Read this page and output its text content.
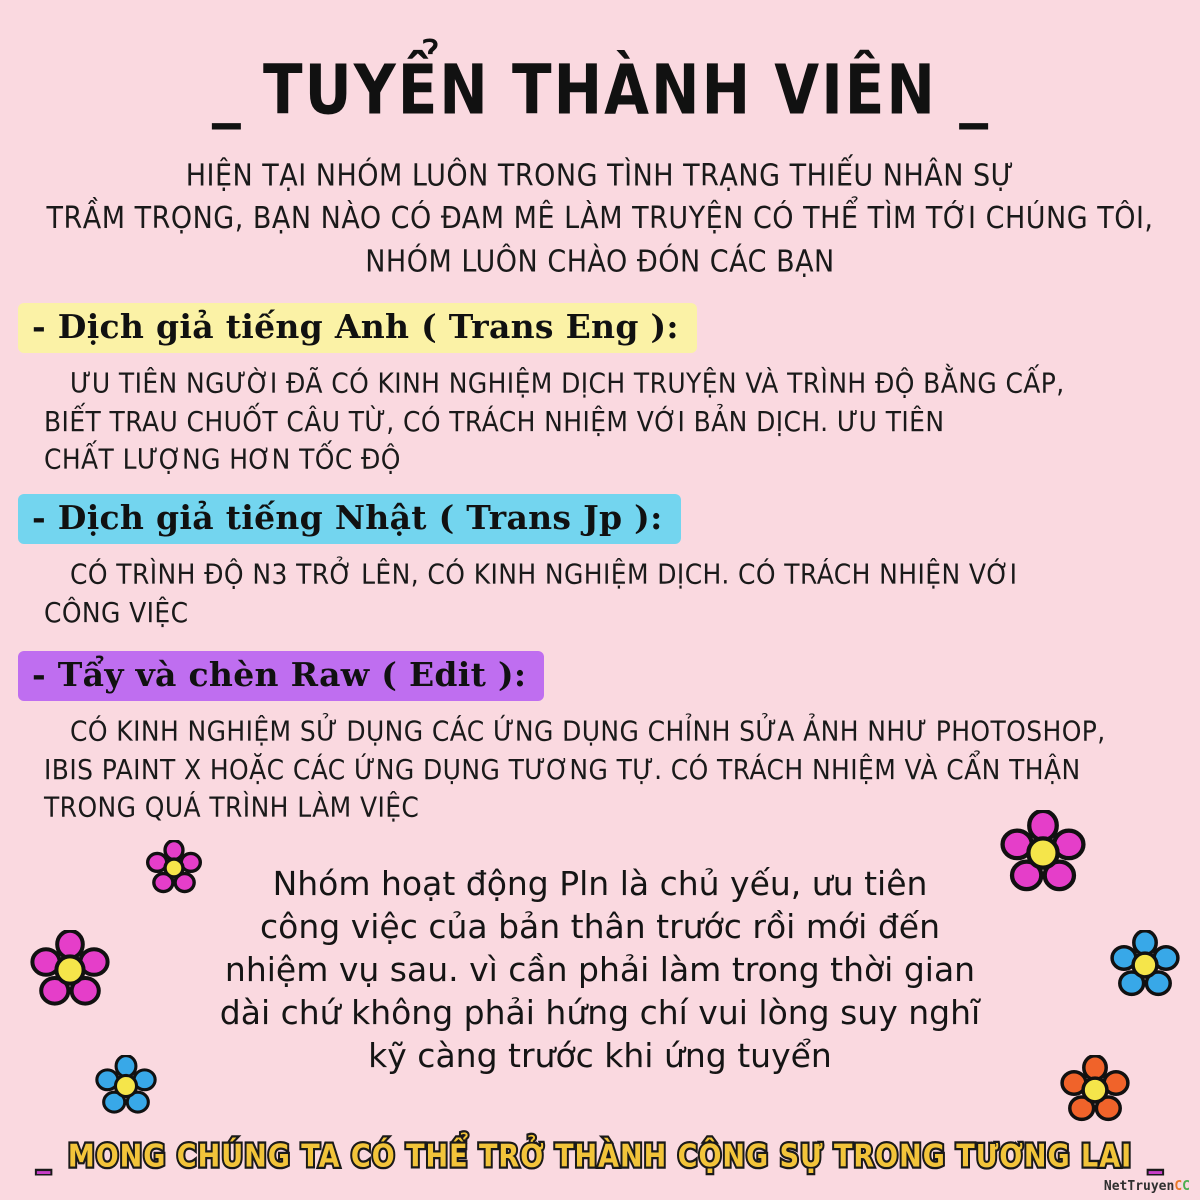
_ TUYỂN THÀNH VIÊN _
HIỆN TẠI NHÓM LUÔN TRONG TÌNH TRẠNG THIẾU NHÂN SỰ
TRẦM TRỌNG, BẠN NÀO CÓ ĐAM MÊ LÀM TRUYỆN CÓ THỂ TÌM TỚI CHÚNG TÔI,
NHÓM LUÔN CHÀO ĐÓN CÁC BẠN
- Dịch giả tiếng Anh ( Trans Eng ):
ƯU TIÊN NGƯỜI ĐÃ CÓ KINH NGHIỆM DỊCH TRUYỆN VÀ TRÌNH ĐỘ BẰNG CẤP,
BIẾT TRAU CHUỐT CÂU TỪ, CÓ TRÁCH NHIỆM VỚI BẢN DỊCH. ƯU TIÊN
CHẤT LƯỢNG HƠN TỐC ĐỘ
- Dịch giả tiếng Nhật ( Trans Jp ):
CÓ TRÌNH ĐỘ N3 TRỞ LÊN, CÓ KINH NGHIỆM DỊCH. CÓ TRÁCH NHIỆN VỚI
CÔNG VIỆC
- Tẩy và chèn Raw ( Edit ):
CÓ KINH NGHIỆM SỬ DỤNG CÁC ỨNG DỤNG CHỈNH SỬA ẢNH NHƯ PHOTOSHOP,
IBIS PAINT X HOẶC CÁC ỨNG DỤNG TƯƠNG TỰ. CÓ TRÁCH NHIỆM VÀ CẨN THẬN
TRONG QUÁ TRÌNH LÀM VIỆC
Nhóm hoạt động Pln là chủ yếu, ưu tiên
công việc của bản thân trước rồi mới đến
nhiệm vụ sau. vì cần phải làm trong thời gian
dài chứ không phải hứng chí vui lòng suy nghĩ
kỹ càng trước khi ứng tuyển
_ MONG CHÚNG TA CÓ THỂ TRỞ THÀNH CỘNG SỰ TRONG TƯƠNG LAI _
NetTruyenCC
